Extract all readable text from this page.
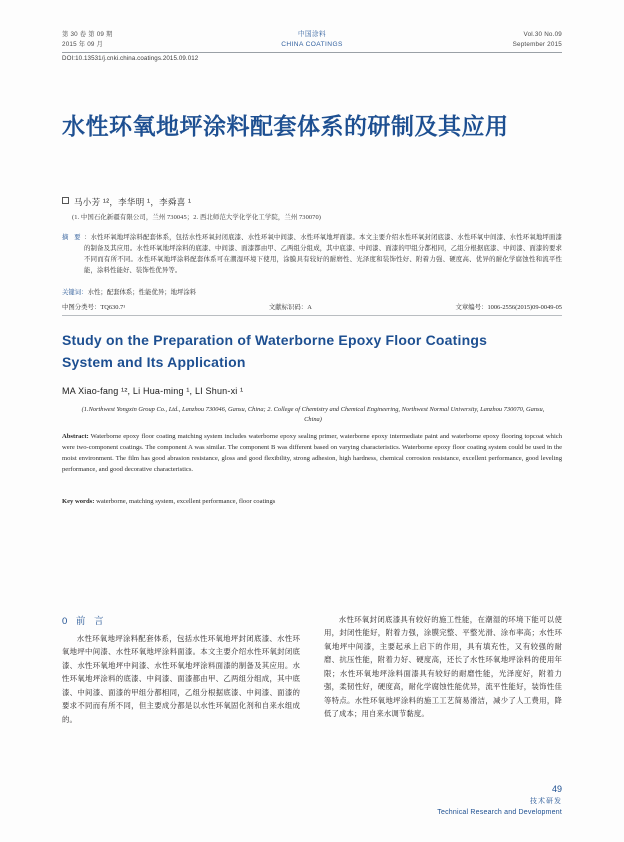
第 30 卷 第 09 期
2015 年 09 月
中国涂料
CHINA COATINGS
Vol.30 No.09
September 2015
DOI:10.13531/j.cnki.china.coatings.2015.09.012
水性环氧地坪涂料配套体系的研制及其应用
马小芳 ¹²，李华明 ¹，李舜喜 ¹
(1. 中国石化新疆有限公司，兰州 730045；2. 西北师范大学化学化工学院，兰州 730070)
摘 要 ：水性环氧地坪涂料配套体系，包括水性环氧封闭底漆、水性环氧中间漆、水性环氧地坪面漆。本文主要介绍水性环氧封闭底漆、水性环氧中间漆、水性环氧地坪面漆的制备及其应用。水性环氧地坪涂料的底漆、中间漆、面漆都由甲、乙两组分组成，其中底漆、中间漆、面漆的甲组分都相同，乙组分根据底漆、中间漆、面漆的要求不同而有所不同。水性环氧地坪涂料配套体系可在潮湿环境下使用，涂膜具有较好的耐磨性、光泽度和装饰性好、附着力强、硬度高、优异的耐化学腐蚀性和流平性能，涂料性能好、装饰性优异等。
关键词：水性；配套体系；性能优异；地坪涂料
中图分类号：TQ630.7¹	文献标识码：A	文章编号：1006-2556(2015)09-0049-05
Study on the Preparation of Waterborne Epoxy Floor Coatings System and Its Application
MA Xiao-fang ¹², Li Hua-ming ¹, LI Shun-xi ¹
(1.Northwest Yongxin Group Co., Ltd., Lanzhou 730046, Gansu, China; 2. College of Chemistry and Chemical Engineering, Northwest Normal University, Lanzhou 730070, Gansu, China)
Abstract: Waterborne epoxy floor coating matching system includes waterborne epoxy sealing primer, waterborne epoxy intermediate paint and waterborne epoxy flooring topcoat which were two-component coatings. The component A was similar. The component B was different based on varying characteristics. Waterborne epoxy floor coating system could be used in the moist environment. The film has good abrasion resistance, gloss and good flexibility, strong adhesion, high hardness, chemical corrosion resistance, excellent performance, good leveling performance, and good decorative characteristics.
Key words: waterborne, matching system, excellent performance, floor coatings
0 前 言

水性环氧地坪涂料配套体系，包括水性环氧地坪封闭底漆、水性环氧地坪中间漆、水性环氧地坪涂料面漆。本文主要介绍水性环氧封闭底漆、水性环氧地坪中间漆、水性环氧地坪涂料面漆的制备及其应用。水性环氧地坪涂料的底漆、中间漆、面漆都由甲、乙两组分组成，其中底漆、中间漆、面漆的甲组分都相同，乙组分根据底漆、中间漆、面漆的要求不同而有所不同，但主要成分都是以水性环氧固化剂和自来水组成的。

水性环氧封闭底漆具有较好的施工性能，在潮湿的环境下能可以使用，封闭性能好，附着力强，涂膜完整、平整光滑、涂布率高；水性环氧地坪中间漆，主要起承上启下的作用，具有填充性，又有较强的耐磨、抗压性能，附着力好、硬度高，还长了水性环氧地坪涂料的使用年限；水性环氧地坪涂料面漆具有较好的耐磨性能，光泽度好，附着力强，柔韧性好，硬度高，耐化学腐蚀性能优异，流平性能好，装饰性佳等特点。水性环氧地坪涂料的施工工艺简易滑洁，减少了人工费用，降低了成本；用自来水调节黏度。

49
技术研发
Technical Research and Development
